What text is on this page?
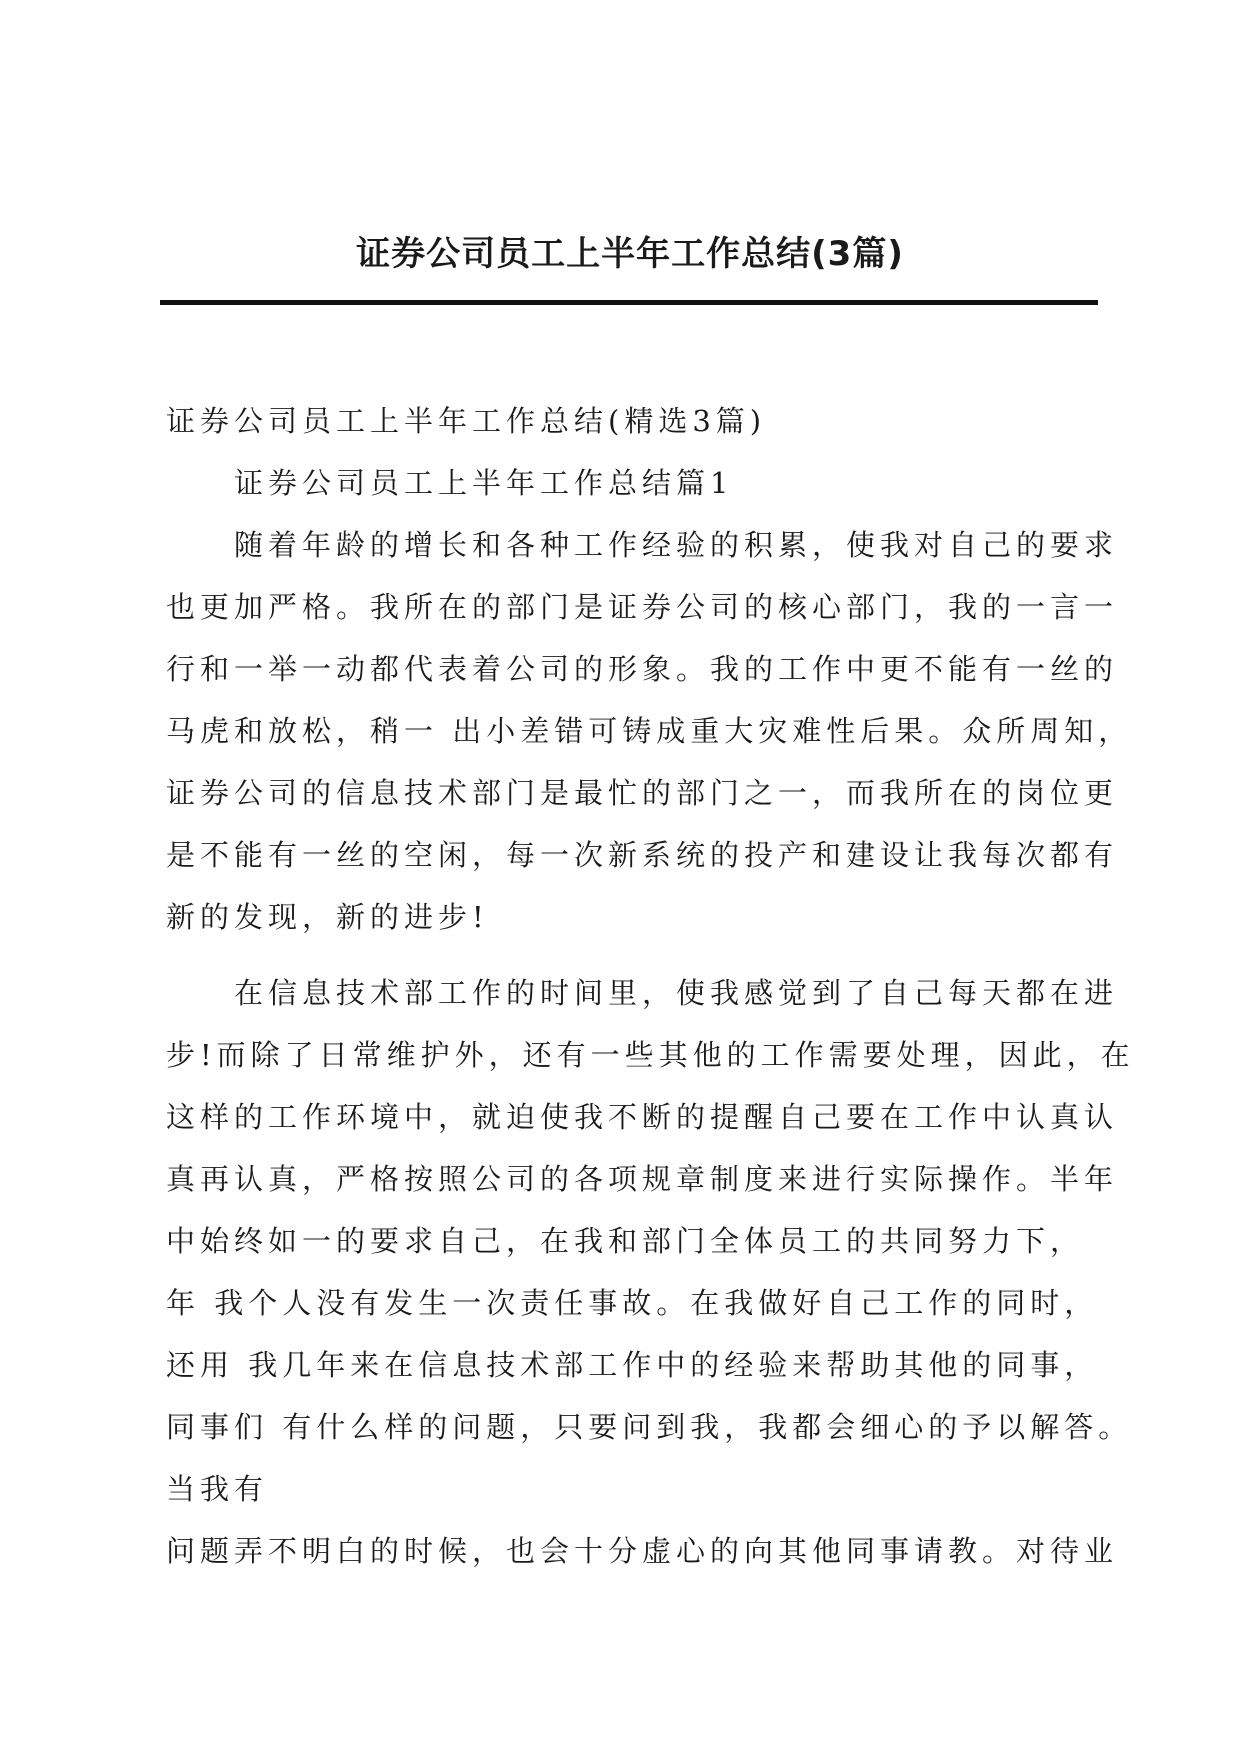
证券公司员工上半年工作总结(3篇)

证券公司员工上半年工作总结(精选3篇)

证券公司员工上半年工作总结篇1

随着年龄的增长和各种工作经验的积累，使我对自己的要求

也更加严格。我所在的部门是证券公司的核心部门，我的一言一

行和一举一动都代表着公司的形象。我的工作中更不能有一丝的

马虎和放松，稍一 出小差错可铸成重大灾难性后果。众所周知，

证券公司的信息技术部门是最忙的部门之一，而我所在的岗位更

是不能有一丝的空闲，每一次新系统的投产和建设让我每次都有

新的发现，新的进步!

在信息技术部工作的时间里，使我感觉到了自己每天都在进

步!而除了日常维护外，还有一些其他的工作需要处理，因此，在

这样的工作环境中，就迫使我不断的提醒自己要在工作中认真认

真再认真，严格按照公司的各项规章制度来进行实际操作。半年

中始终如一的要求自己，在我和部门全体员工的共同努力下，

年 我个人没有发生一次责任事故。在我做好自己工作的同时，

还用 我几年来在信息技术部工作中的经验来帮助其他的同事，

同事们 有什么样的问题，只要问到我，我都会细心的予以解答。

当我有

问题弄不明白的时候，也会十分虚心的向其他同事请教。对待业
